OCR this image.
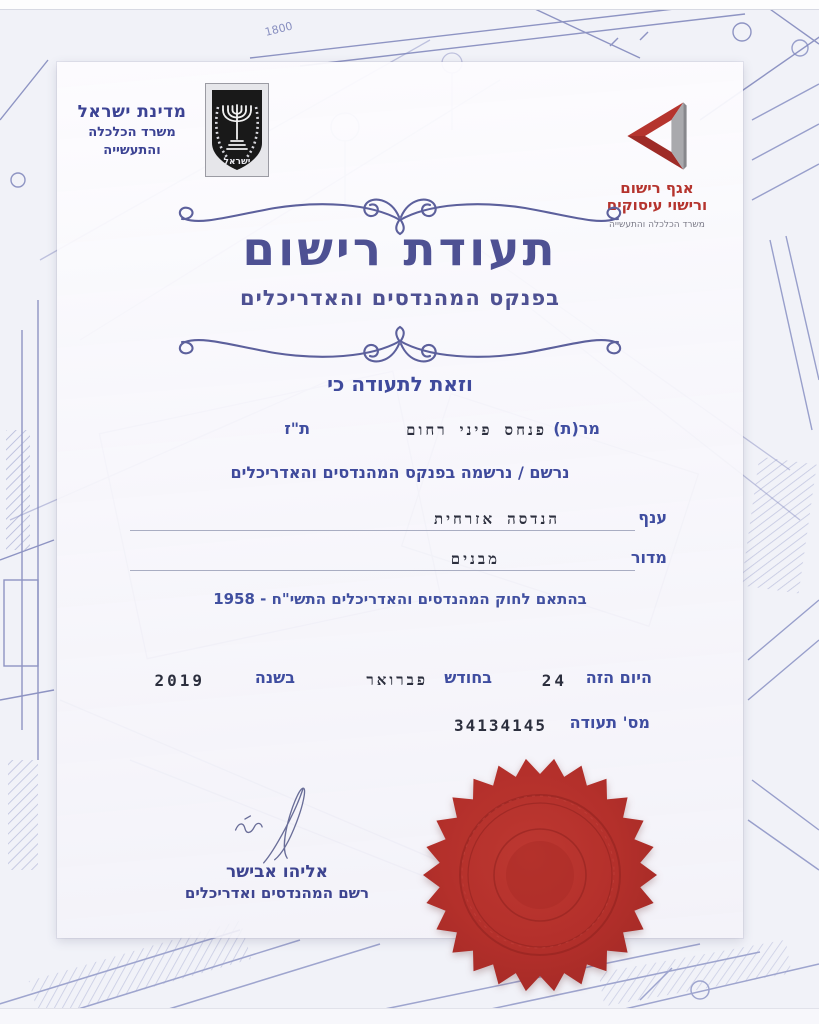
1800
מדינת ישראל
משרד הכלכלה
והתעשייה
ישראל
אגף רישום
ורישוי עיסוקים
משרד הכלכלה והתעשייה
תעודת רישום
בפנקס המהנדסים והאדריכלים
וזאת לתעודה כי
מר(ת)
פנחס פיני רחום
ת"ז
נרשם / נרשמה בפנקס המהנדסים והאדריכלים
ענף
הנדסה אזרחית
מדור
מבנים
בהתאם לחוק המהנדסים והאדריכלים התשי"ח - 1958
היום הזה
24
בחודש
פברואר
בשנה
2019
מס' תעודה
34134145
אליהו אבישר
רשם המהנדסים ואדריכלים
